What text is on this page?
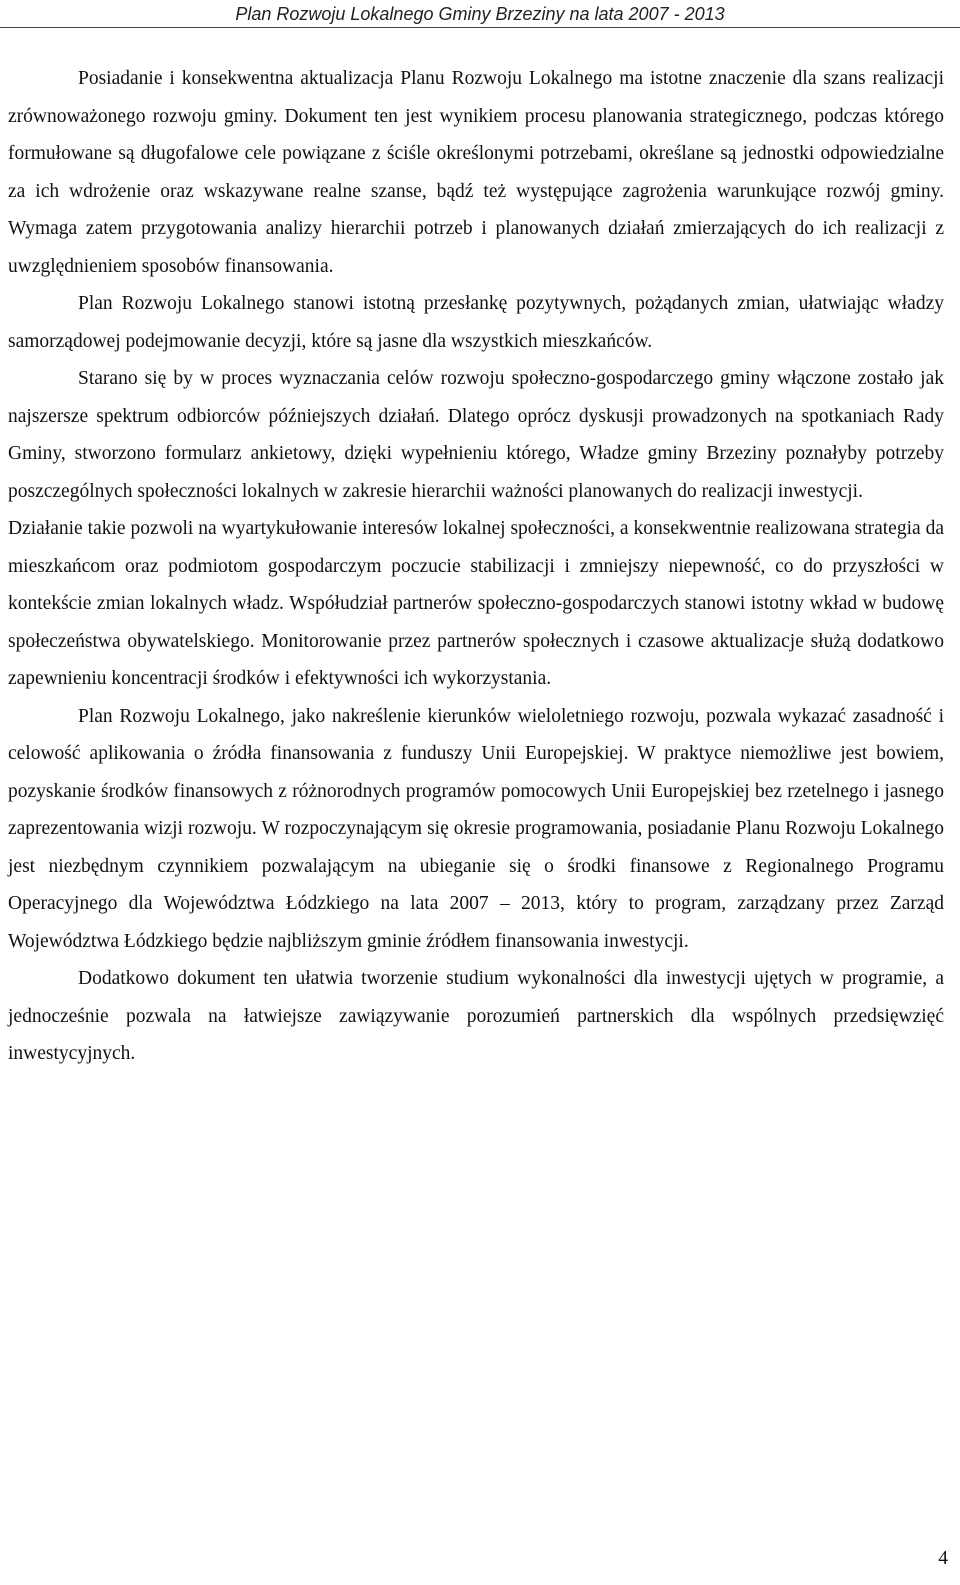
Plan Rozwoju Lokalnego Gminy Brzeziny na lata 2007 - 2013

Posiadanie i konsekwentna aktualizacja Planu Rozwoju Lokalnego ma istotne znaczenie dla szans realizacji zrównoważonego rozwoju gminy. Dokument ten jest wynikiem procesu planowania strategicznego, podczas którego formułowane są długofalowe cele powiązane z ściśle określonymi potrzebami, określane są jednostki odpowiedzialne za ich wdrożenie oraz wskazywane realne szanse, bądź też występujące zagrożenia warunkujące rozwój gminy. Wymaga zatem przygotowania analizy hierarchii potrzeb i planowanych działań zmierzających do ich realizacji z uwzględnieniem sposobów finansowania.

Plan Rozwoju Lokalnego stanowi istotną przesłankę pozytywnych, pożądanych zmian, ułatwiając władzy samorządowej podejmowanie decyzji, które są jasne dla wszystkich mieszkańców.

Starano się by w proces wyznaczania celów rozwoju społeczno-gospodarczego gminy włączone zostało jak najszersze spektrum odbiorców późniejszych działań. Dlatego oprócz dyskusji prowadzonych na spotkaniach Rady Gminy, stworzono formularz ankietowy, dzięki wypełnieniu którego, Władze gminy Brzeziny poznałyby potrzeby poszczególnych społeczności lokalnych w zakresie hierarchii ważności planowanych do realizacji inwestycji.

Działanie takie pozwoli na wyartykułowanie interesów lokalnej społeczności, a konsekwentnie realizowana strategia da mieszkańcom oraz podmiotom gospodarczym poczucie stabilizacji i zmniejszy niepewność, co do przyszłości w kontekście zmian lokalnych władz. Współudział partnerów społeczno-gospodarczych stanowi istotny wkład w budowę społeczeństwa obywatelskiego. Monitorowanie przez partnerów społecznych i czasowe aktualizacje służą dodatkowo zapewnieniu koncentracji środków i efektywności ich wykorzystania.

Plan Rozwoju Lokalnego, jako nakreślenie kierunków wieloletniego rozwoju, pozwala wykazać zasadność i celowość aplikowania o źródła finansowania z funduszy Unii Europejskiej. W praktyce niemożliwe jest bowiem, pozyskanie środków finansowych z różnorodnych programów pomocowych Unii Europejskiej bez rzetelnego i jasnego zaprezentowania wizji rozwoju. W rozpoczynającym się okresie programowania, posiadanie Planu Rozwoju Lokalnego jest niezbędnym czynnikiem pozwalającym na ubieganie się o środki finansowe z Regionalnego Programu Operacyjnego dla Województwa Łódzkiego na lata 2007 – 2013, który to program, zarządzany przez Zarząd Województwa Łódzkiego będzie najbliższym gminie źródłem finansowania inwestycji.

Dodatkowo dokument ten ułatwia tworzenie studium wykonalności dla inwestycji ujętych w programie, a jednocześnie pozwala na łatwiejsze zawiązywanie porozumień partnerskich dla wspólnych przedsięwzięć inwestycyjnych.

4
